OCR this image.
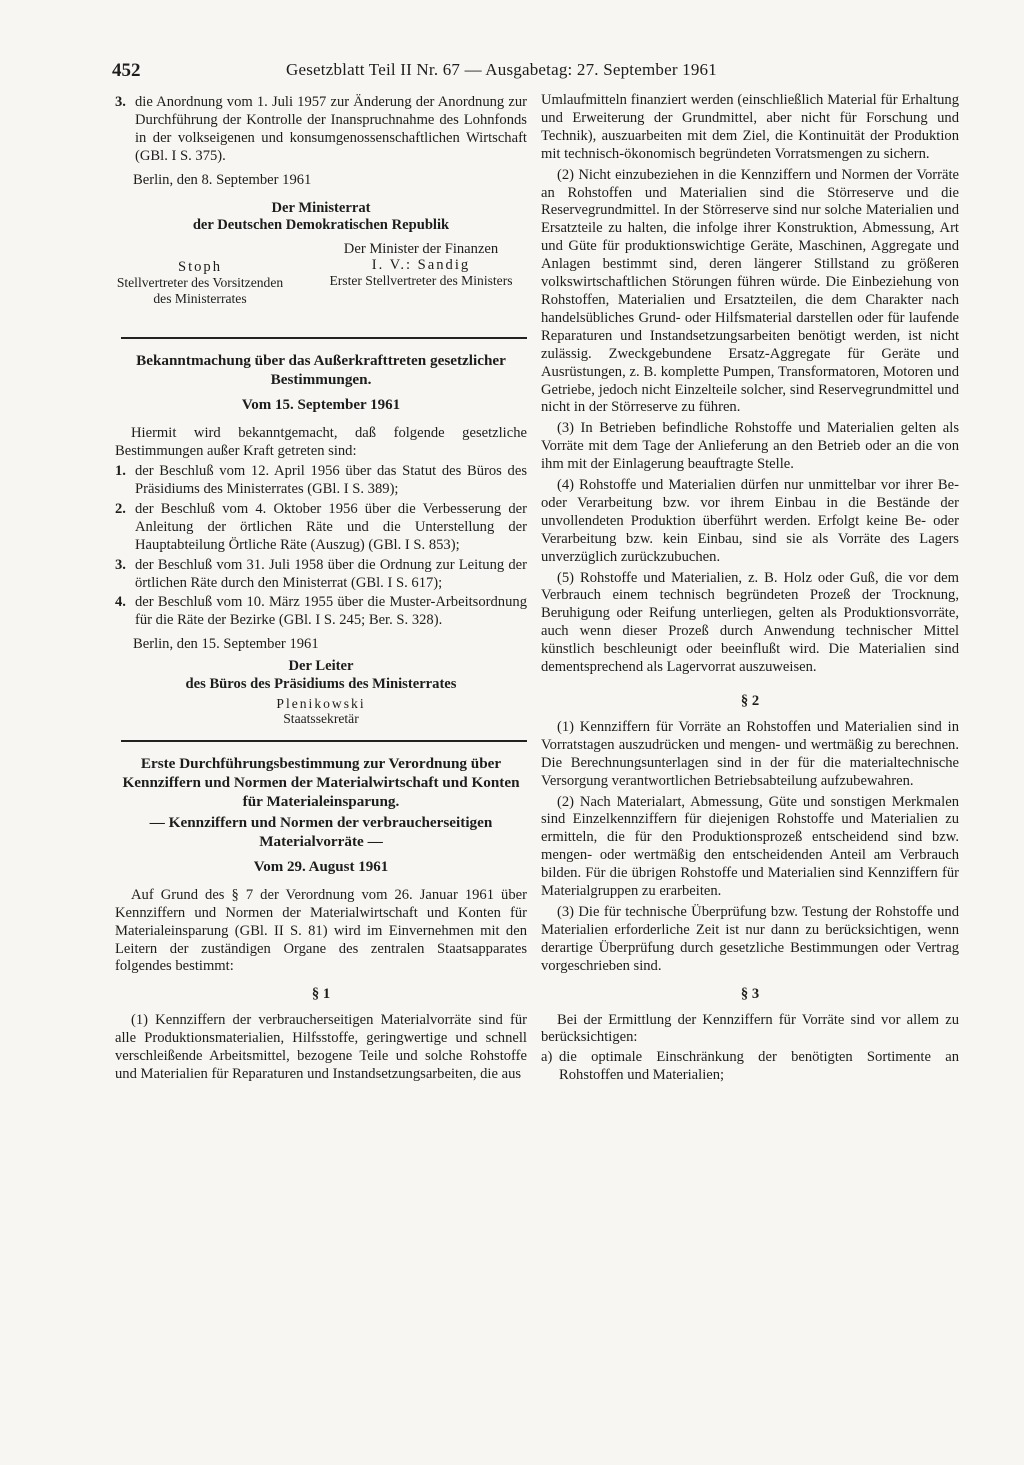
452	Gesetzblatt Teil II Nr. 67 — Ausgabetag: 27. September 1961
3. die Anordnung vom 1. Juli 1957 zur Änderung der Anordnung zur Durchführung der Kontrolle der Inanspruchnahme des Lohnfonds in der volkseigenen und konsumgenossenschaftlichen Wirtschaft (GBl. I S. 375).

Berlin, den 8. September 1961

Der Ministerrat
der Deutschen Demokratischen Republik
Stoph
Stellvertreter des Vorsitzenden des Ministerrates
Der Minister der Finanzen
I. V.: Sandig
Erster Stellvertreter des Ministers
Bekanntmachung über das Außerkrafttreten gesetzlicher Bestimmungen.
Vom 15. September 1961

Hiermit wird bekanntgemacht, daß folgende gesetzliche Bestimmungen außer Kraft getreten sind:

1. der Beschluß vom 12. April 1956 über das Statut des Büros des Präsidiums des Ministerrates (GBl. I S. 389);
2. der Beschluß vom 4. Oktober 1956 über die Verbesserung der Anleitung der örtlichen Räte und die Unterstellung der Hauptabteilung Örtliche Räte (Auszug) (GBl. I S. 853);
3. der Beschluß vom 31. Juli 1958 über die Ordnung zur Leitung der örtlichen Räte durch den Ministerrat (GBl. I S. 617);
4. der Beschluß vom 10. März 1955 über die Muster-Arbeitsordnung für die Räte der Bezirke (GBl. I S. 245; Ber. S. 328).

Berlin, den 15. September 1961

Der Leiter
des Büros des Präsidiums des Ministerrates
Plenikowski
Staatssekretär
Erste Durchführungsbestimmung zur Verordnung über Kennziffern und Normen der Materialwirtschaft und Konten für Materialeinsparung.
— Kennziffern und Normen der verbraucherseitigen Materialvorräte —
Vom 29. August 1961

Auf Grund des § 7 der Verordnung vom 26. Januar 1961 über Kennziffern und Normen der Materialwirtschaft und Konten für Materialeinsparung (GBl. II S. 81) wird im Einvernehmen mit den Leitern der zuständigen Organe des zentralen Staatsapparates folgendes bestimmt:

§ 1

(1) Kennziffern der verbraucherseitigen Materialvorräte sind für alle Produktionsmaterialien, Hilfsstoffe, geringwertige und schnell verschleißende Arbeitsmittel, bezogene Teile und solche Rohstoffe und Materialien für Reparaturen und Instandsetzungsarbeiten, die aus

Umlaufmitteln finanziert werden (einschließlich Material für Erhaltung und Erweiterung der Grundmittel, aber nicht für Forschung und Technik), auszuarbeiten mit dem Ziel, die Kontinuität der Produktion mit technisch-ökonomisch begründeten Vorratsmengen zu sichern.

(2) Nicht einzubeziehen in die Kennziffern und Normen der Vorräte an Rohstoffen und Materialien sind die Störreserve und die Reservegrundmittel. In der Störreserve sind nur solche Materialien und Ersatzteile zu halten, die infolge ihrer Konstruktion, Abmessung, Art und Güte für produktionswichtige Geräte, Maschinen, Aggregate und Anlagen bestimmt sind, deren längerer Stillstand zu größeren volkswirtschaftlichen Störungen führen würde. Die Einbeziehung von Rohstoffen, Materialien und Ersatzteilen, die dem Charakter nach handelsübliches Grund- oder Hilfsmaterial darstellen oder für laufende Reparaturen und Instandsetzungsarbeiten benötigt werden, ist nicht zulässig. Zweckgebundene Ersatz-Aggregate für Geräte und Ausrüstungen, z. B. komplette Pumpen, Transformatoren, Motoren und Getriebe, jedoch nicht Einzelteile solcher, sind Reservegrundmittel und nicht in der Störreserve zu führen.

(3) In Betrieben befindliche Rohstoffe und Materialien gelten als Vorräte mit dem Tage der Anlieferung an den Betrieb oder an die von ihm mit der Einlagerung beauftragte Stelle.

(4) Rohstoffe und Materialien dürfen nur unmittelbar vor ihrer Be- oder Verarbeitung bzw. vor ihrem Einbau in die Bestände der unvollendeten Produktion überführt werden. Erfolgt keine Be- oder Verarbeitung bzw. kein Einbau, sind sie als Vorräte des Lagers unverzüglich zurückzubuchen.

(5) Rohstoffe und Materialien, z. B. Holz oder Guß, die vor dem Verbrauch einem technisch begründeten Prozeß der Trocknung, Beruhigung oder Reifung unterliegen, gelten als Produktionsvorräte, auch wenn dieser Prozeß durch Anwendung technischer Mittel künstlich beschleunigt oder beeinflußt wird. Die Materialien sind dementsprechend als Lagervorrat auszuweisen.

§ 2

(1) Kennziffern für Vorräte an Rohstoffen und Materialien sind in Vorratstagen auszudrücken und mengen- und wertmäßig zu berechnen. Die Berechnungsunterlagen sind in der für die materialtechnische Versorgung verantwortlichen Betriebsabteilung aufzubewahren.

(2) Nach Materialart, Abmessung, Güte und sonstigen Merkmalen sind Einzelkennziffern für diejenigen Rohstoffe und Materialien zu ermitteln, die für den Produktionsprozeß entscheidend sind bzw. mengen- oder wertmäßig den entscheidenden Anteil am Verbrauch bilden. Für die übrigen Rohstoffe und Materialien sind Kennziffern für Materialgruppen zu erarbeiten.

(3) Die für technische Überprüfung bzw. Testung der Rohstoffe und Materialien erforderliche Zeit ist nur dann zu berücksichtigen, wenn derartige Überprüfung durch gesetzliche Bestimmungen oder Vertrag vorgeschrieben sind.

§ 3

Bei der Ermittlung der Kennziffern für Vorräte sind vor allem zu berücksichtigen:

a) die optimale Einschränkung der benötigten Sortimente an Rohstoffen und Materialien;
